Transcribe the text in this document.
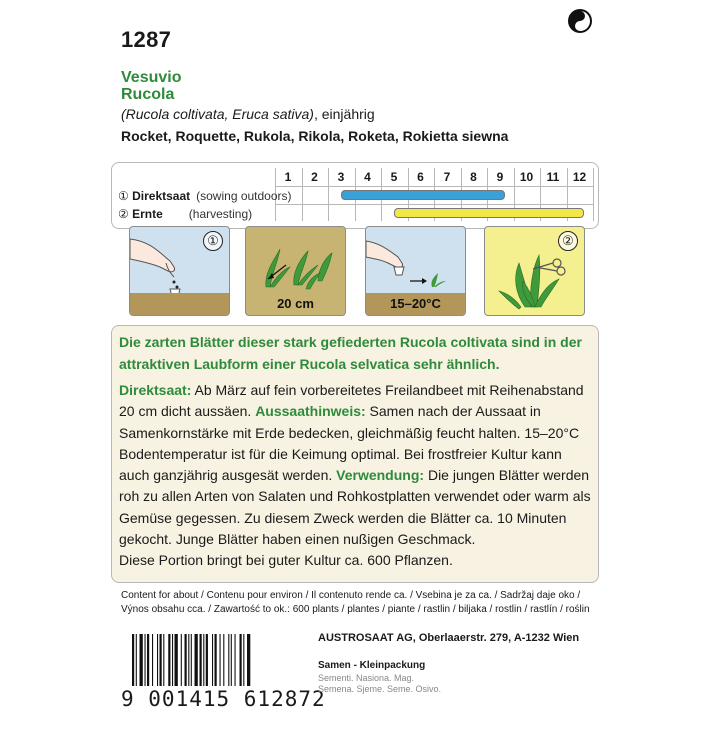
1287
Vesuvio
Rucola
(Rucola coltivata, Eruca sativa), einjährig
Rocket, Roquette, Rukola, Rikola, Roketa, Rokietta siewna
1	2	3	4	5	6	7	8	9	10	11	12
① Direktsaat (sowing outdoors)
② Ernte (harvesting)
①
20 cm	15–20°C
②
Die zarten Blätter dieser stark gefiederten Rucola coltivata sind in der attraktiven Laubform einer Rucola selvatica sehr ähnlich.
Direktsaat: Ab März auf fein vorbereitetes Freilandbeet mit Reihenabstand 20 cm dicht aussäen. Aussaathinweis: Samen nach der Aussaat in Samenkornstärke mit Erde bedecken, gleichmäßig feucht halten. 15–20°C Bodentemperatur ist für die Keimung optimal. Bei frostfreier Kultur kann auch ganzjährig ausgesät werden. Verwendung: Die jungen Blätter werden roh zu allen Arten von Salaten und Rohkostplatten verwendet oder warm als Gemüse gegessen. Zu diesem Zweck werden die Blätter ca. 10 Minuten gekocht. Junge Blätter haben einen nußigen Geschmack.
Diese Portion bringt bei guter Kultur ca. 600 Pflanzen.
Content for about / Contenu pour environ / Il contenuto rende ca. / Vsebina je za ca. / Sadržaj daje oko /
Výnos obsahu cca. / Zawartość to ok.: 600 plants / plantes / piante / rastlin / biljaka / rostlin / rastlín / roślin
9 001415 612872
AUSTROSAAT AG, Oberlaaerstr. 279, A-1232 Wien
Samen - Kleinpackung
Sementi. Nasiona. Mag.
Semena. Sjeme. Seme. Osivo.
